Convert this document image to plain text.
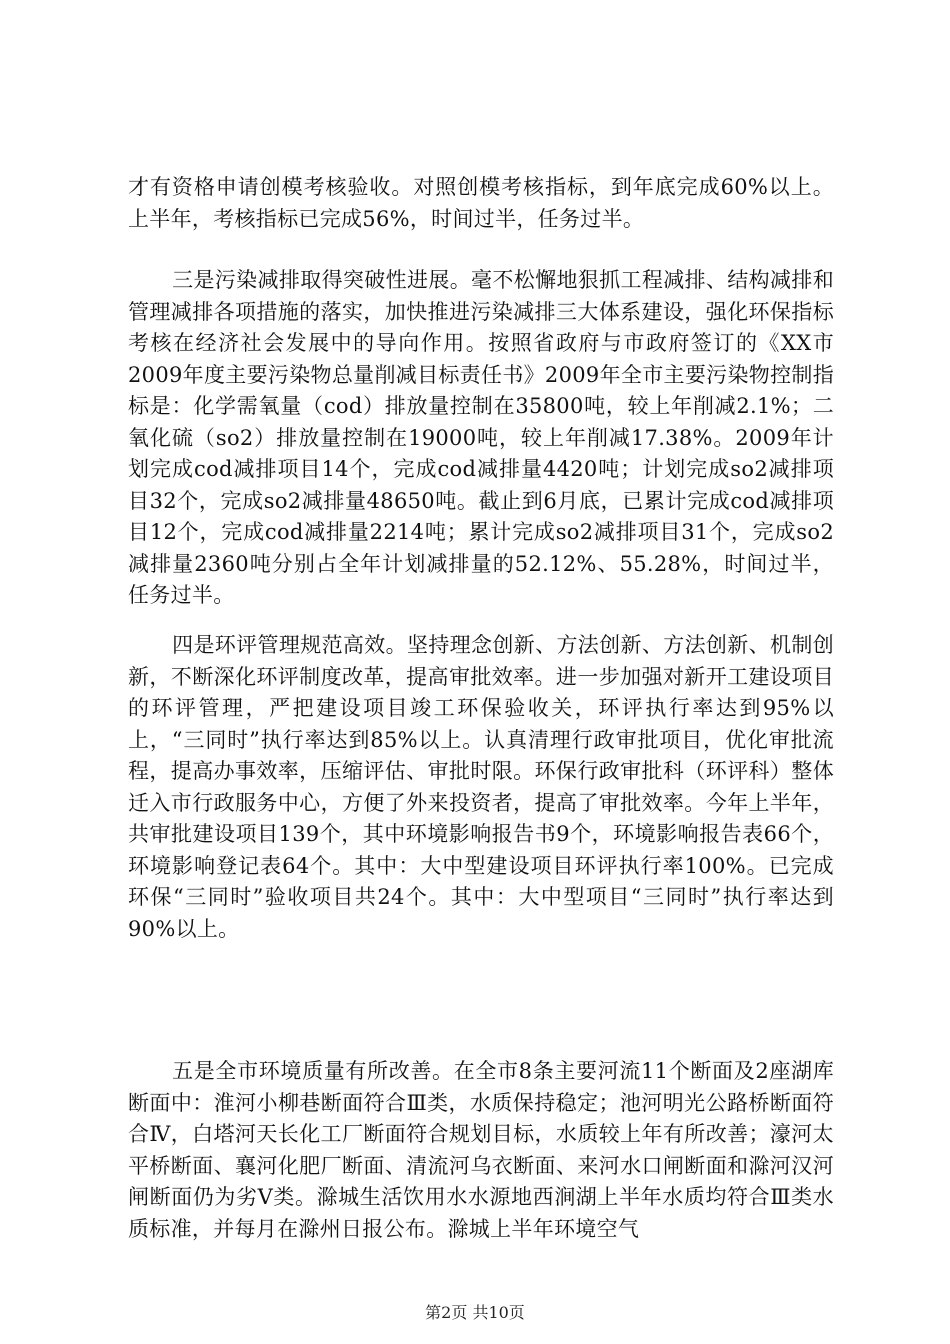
才有资格申请创模考核验收。对照创模考核指标，到年底完成60%以上。上半年，考核指标已完成56%，时间过半，任务过半。

三是污染减排取得突破性进展。毫不松懈地狠抓工程减排、结构减排和管理减排各项措施的落实，加快推进污染减排三大体系建设，强化环保指标考核在经济社会发展中的导向作用。按照省政府与市政府签订的《XX市2009年度主要污染物总量削减目标责任书》2009年全市主要污染物控制指标是：化学需氧量（cod）排放量控制在35800吨，较上年削减2.1%；二氧化硫（so2）排放量控制在19000吨，较上年削减17.38%。2009年计划完成cod减排项目14个，完成cod减排量4420吨；计划完成so2减排项目32个，完成so2减排量48650吨。截止到6月底，已累计完成cod减排项目12个，完成cod减排量2214吨；累计完成so2减排项目31个，完成so2减排量2360吨分别占全年计划减排量的52.12%、55.28%，时间过半，任务过半。

四是环评管理规范高效。坚持理念创新、方法创新、方法创新、机制创新，不断深化环评制度改革，提高审批效率。进一步加强对新开工建设项目的环评管理，严把建设项目竣工环保验收关，环评执行率达到95%以上，“三同时”执行率达到85%以上。认真清理行政审批项目，优化审批流程，提高办事效率，压缩评估、审批时限。环保行政审批科（环评科）整体迁入市行政服务中心，方便了外来投资者，提高了审批效率。今年上半年，共审批建设项目139个，其中环境影响报告书9个，环境影响报告表66个，环境影响登记表64个。其中：大中型建设项目环评执行率100%。已完成环保“三同时”验收项目共24个。其中：大中型项目“三同时”执行率达到90%以上。

五是全市环境质量有所改善。在全市8条主要河流11个断面及2座湖库断面中：淮河小柳巷断面符合Ⅲ类，水质保持稳定；池河明光公路桥断面符合Ⅳ，白塔河天长化工厂断面符合规划目标，水质较上年有所改善；濠河太平桥断面、襄河化肥厂断面、清流河乌衣断面、来河水口闸断面和滁河汉河闸断面仍为劣Ⅴ类。滁城生活饮用水水源地西涧湖上半年水质均符合Ⅲ类水质标准，并每月在滁州日报公布。滁城上半年环境空气

第2页 共10页
